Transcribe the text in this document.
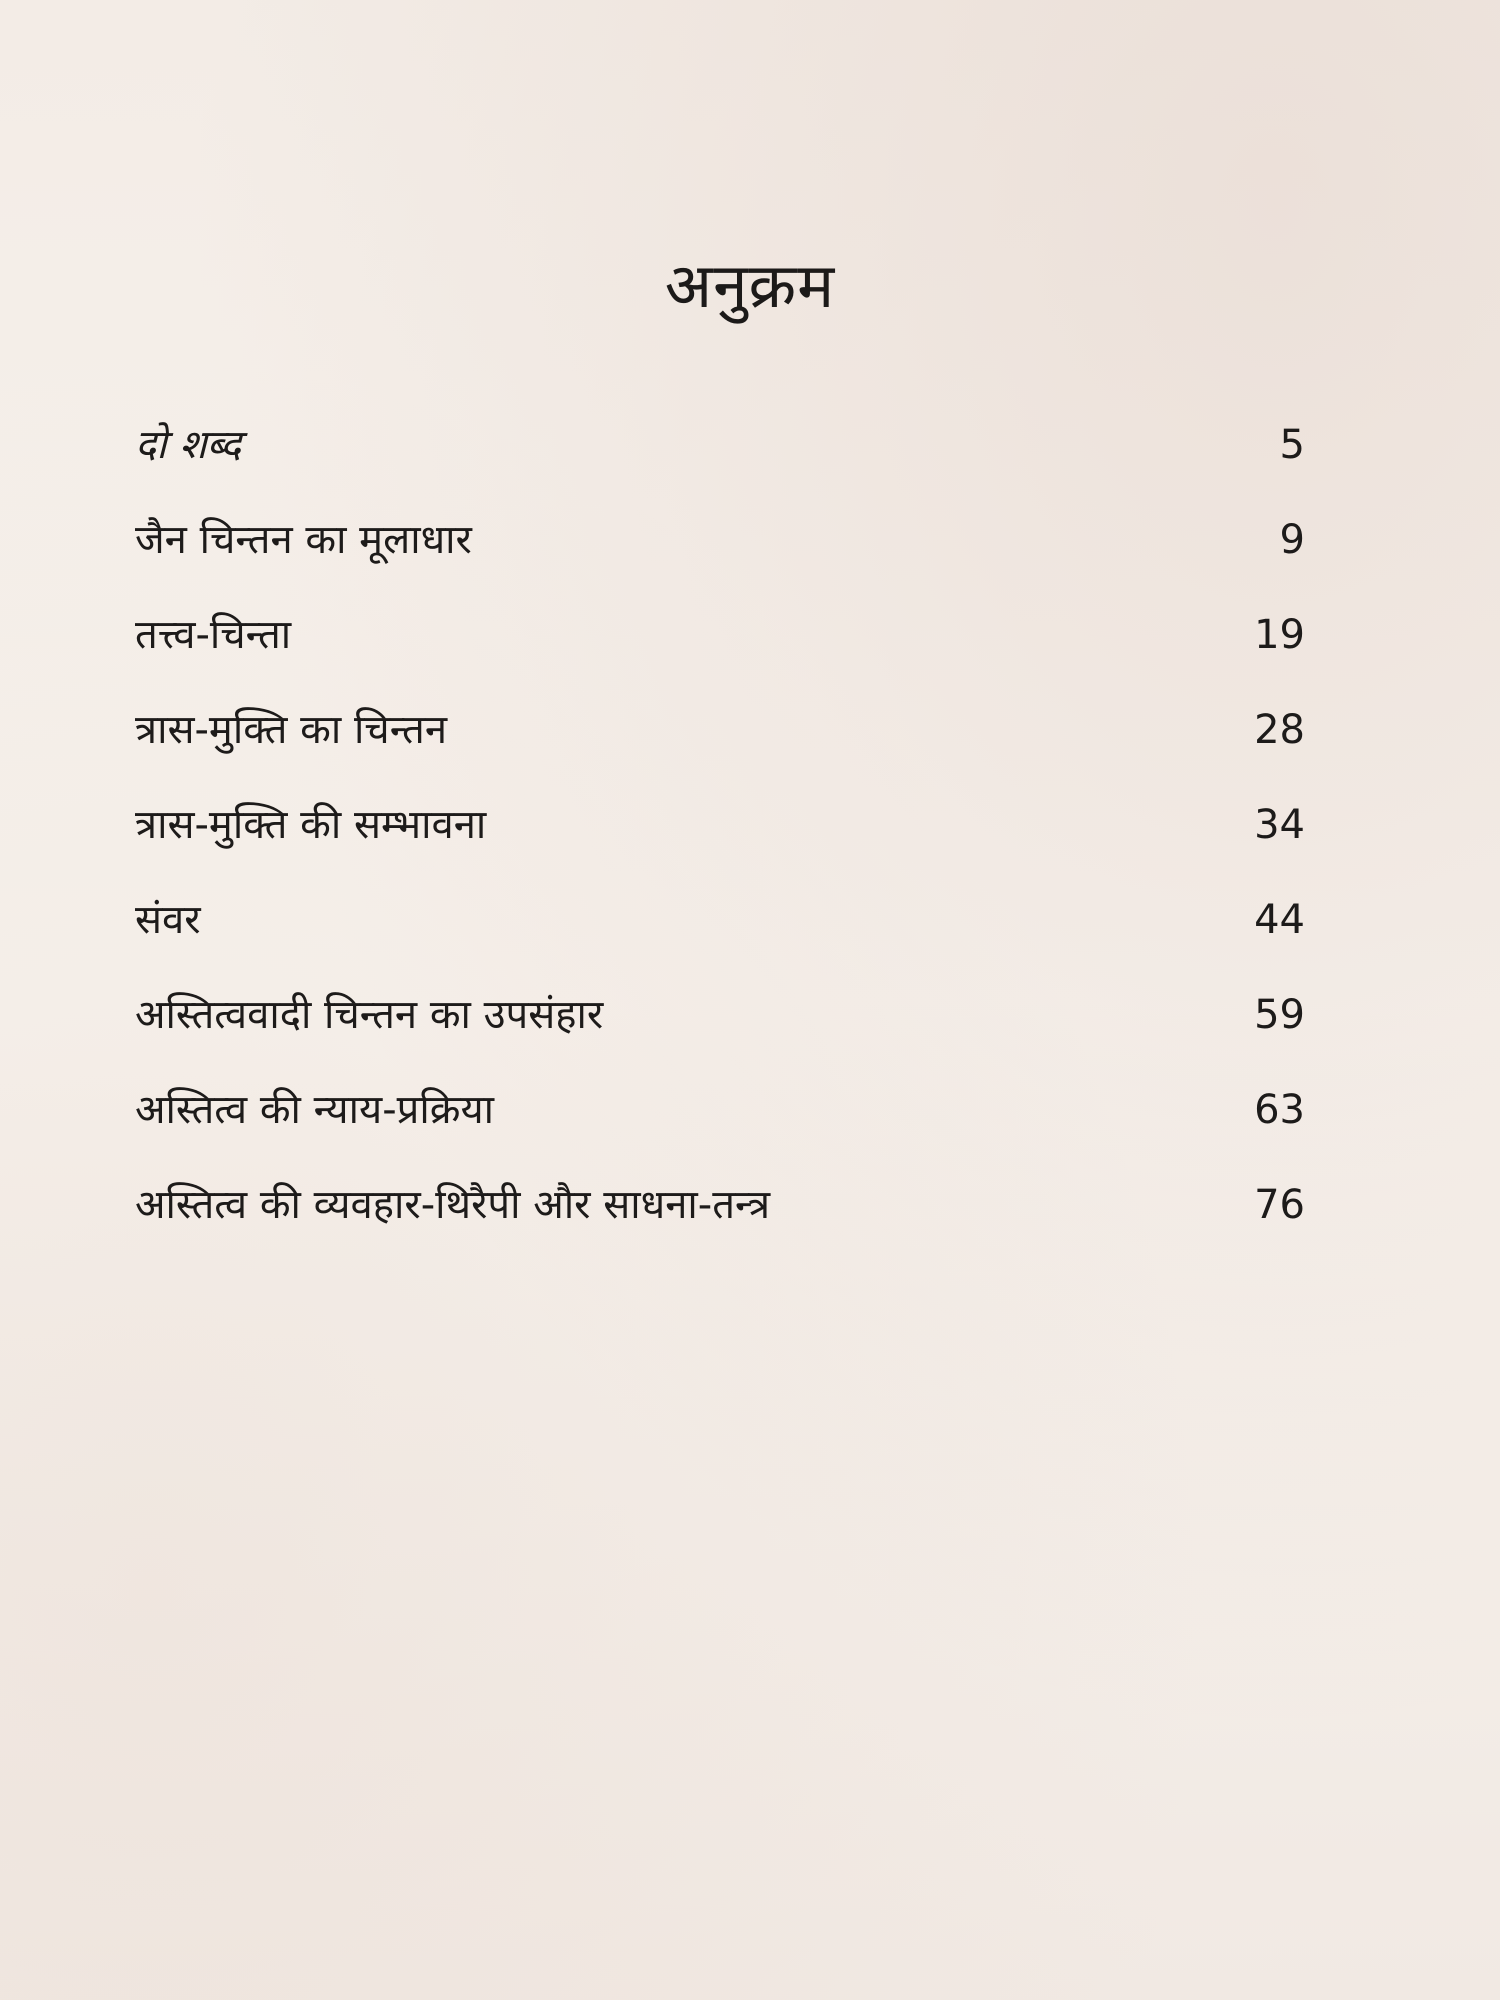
अनुक्रम
दो शब्द	5
जैन चिन्तन का मूलाधार	9
तत्त्व-चिन्ता	19
त्रास-मुक्ति का चिन्तन	28
त्रास-मुक्ति की सम्भावना	34
संवर	44
अस्तित्ववादी चिन्तन का उपसंहार	59
अस्तित्व की न्याय-प्रक्रिया	63
अस्तित्व की व्यवहार-थिरैपी और साधना-तन्त्र	76
